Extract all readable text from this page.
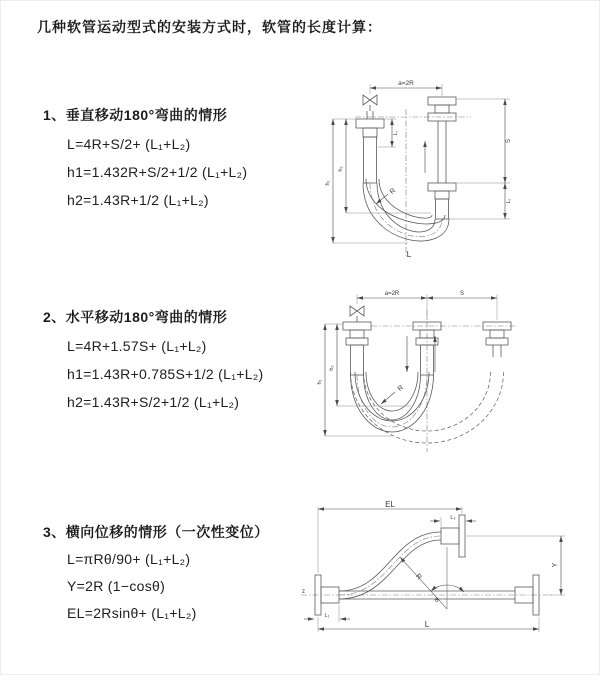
几种软管运动型式的安装方式时，软管的长度计算：
1、垂直移动180°弯曲的情形
L=4R+S/2+ (L₁+L₂)
h1=1.432R+S/2+1/2 (L₁+L₂)
h2=1.43R+1/2 (L₁+L₂)
a=2R
h₁
h₂
L₁
S
L₂
R
L
2、水平移动180°弯曲的情形
L=4R+1.57S+ (L₁+L₂)
h1=1.43R+0.785S+1/2 (L₁+L₂)
h2=1.43R+S/2+1/2 (L₁+L₂)
a=2R	S
h₁
h₂
R
3、横向位移的情形（一次性变位）
L=πRθ/90+ (L₁+L₂)
Y=2R (1−cosθ)
EL=2Rsinθ+ (L₁+L₂)
z
EL
L₂
Y
θ
R
L₁
L
